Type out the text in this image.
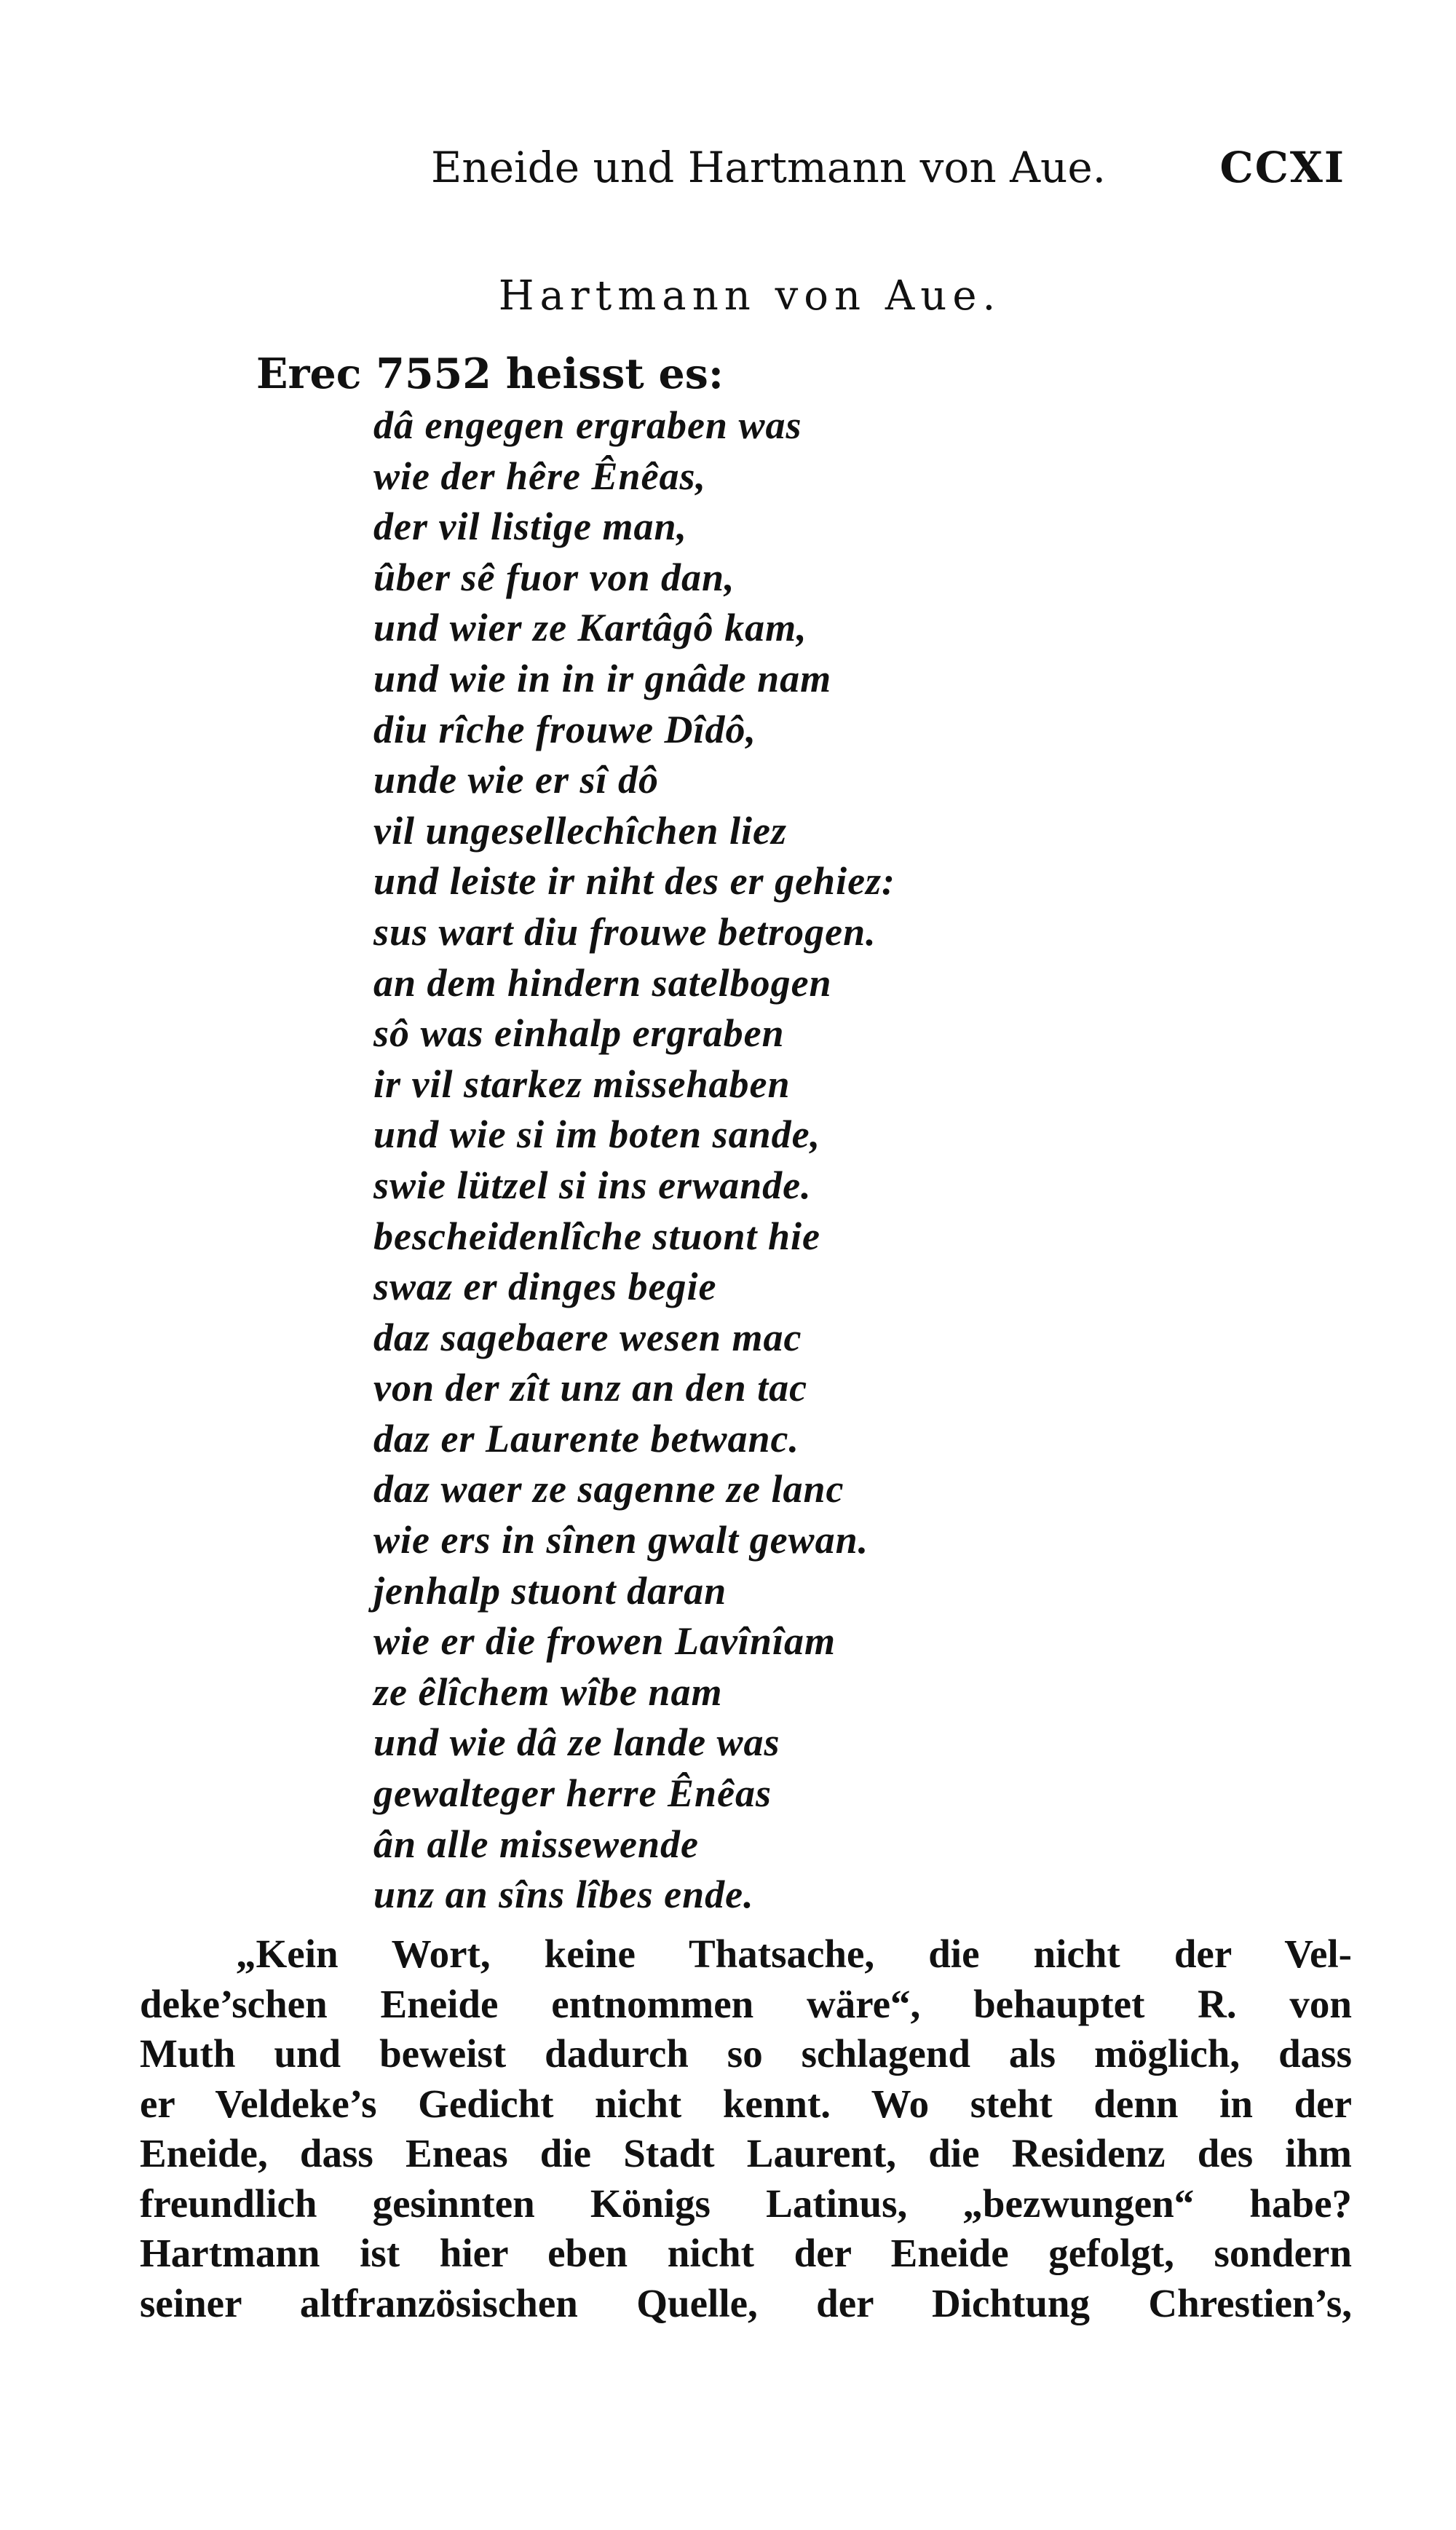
Eneide und Hartmann von Aue.	CCXI
Hartmann von Aue.
Erec 7552 heisst es:
dâ engegen ergraben was
wie der hêre Ênêas,
der vil listige man,
ûber sê fuor von dan,
und wier ze Kartâgô kam,
und wie in in ir gnâde nam
diu rîche frouwe Dîdô,
unde wie er sî dô
vil ungesellechîchen liez
und leiste ir niht des er gehiez:
sus wart diu frouwe betrogen.
an dem hindern satelbogen
sô was einhalp ergraben
ir vil starkez missehaben
und wie si im boten sande,
swie lützel si ins erwande.
bescheidenlîche stuont hie
swaz er dinges begie
daz sagebaere wesen mac
von der zît unz an den tac
daz er Laurente betwanc.
daz waer ze sagenne ze lanc
wie ers in sînen gwalt gewan.
jenhalp stuont daran
wie er die frowen Lavînîam
ze êlîchem wîbe nam
und wie dâ ze lande was
gewalteger herre Ênêas
ân alle missewende
unz an sîns lîbes ende.
„Kein Wort, keine Thatsache, die nicht der Vel-
deke’schen Eneide entnommen wäre“, behauptet R. von
Muth und beweist dadurch so schlagend als möglich, dass
er Veldeke’s Gedicht nicht kennt. Wo steht denn in der
Eneide, dass Eneas die Stadt Laurent, die Residenz des ihm
freundlich gesinnten Königs Latinus, „bezwungen“ habe?
Hartmann ist hier eben nicht der Eneide gefolgt, sondern
seiner altfranzösischen Quelle, der Dichtung Chrestien’s,
